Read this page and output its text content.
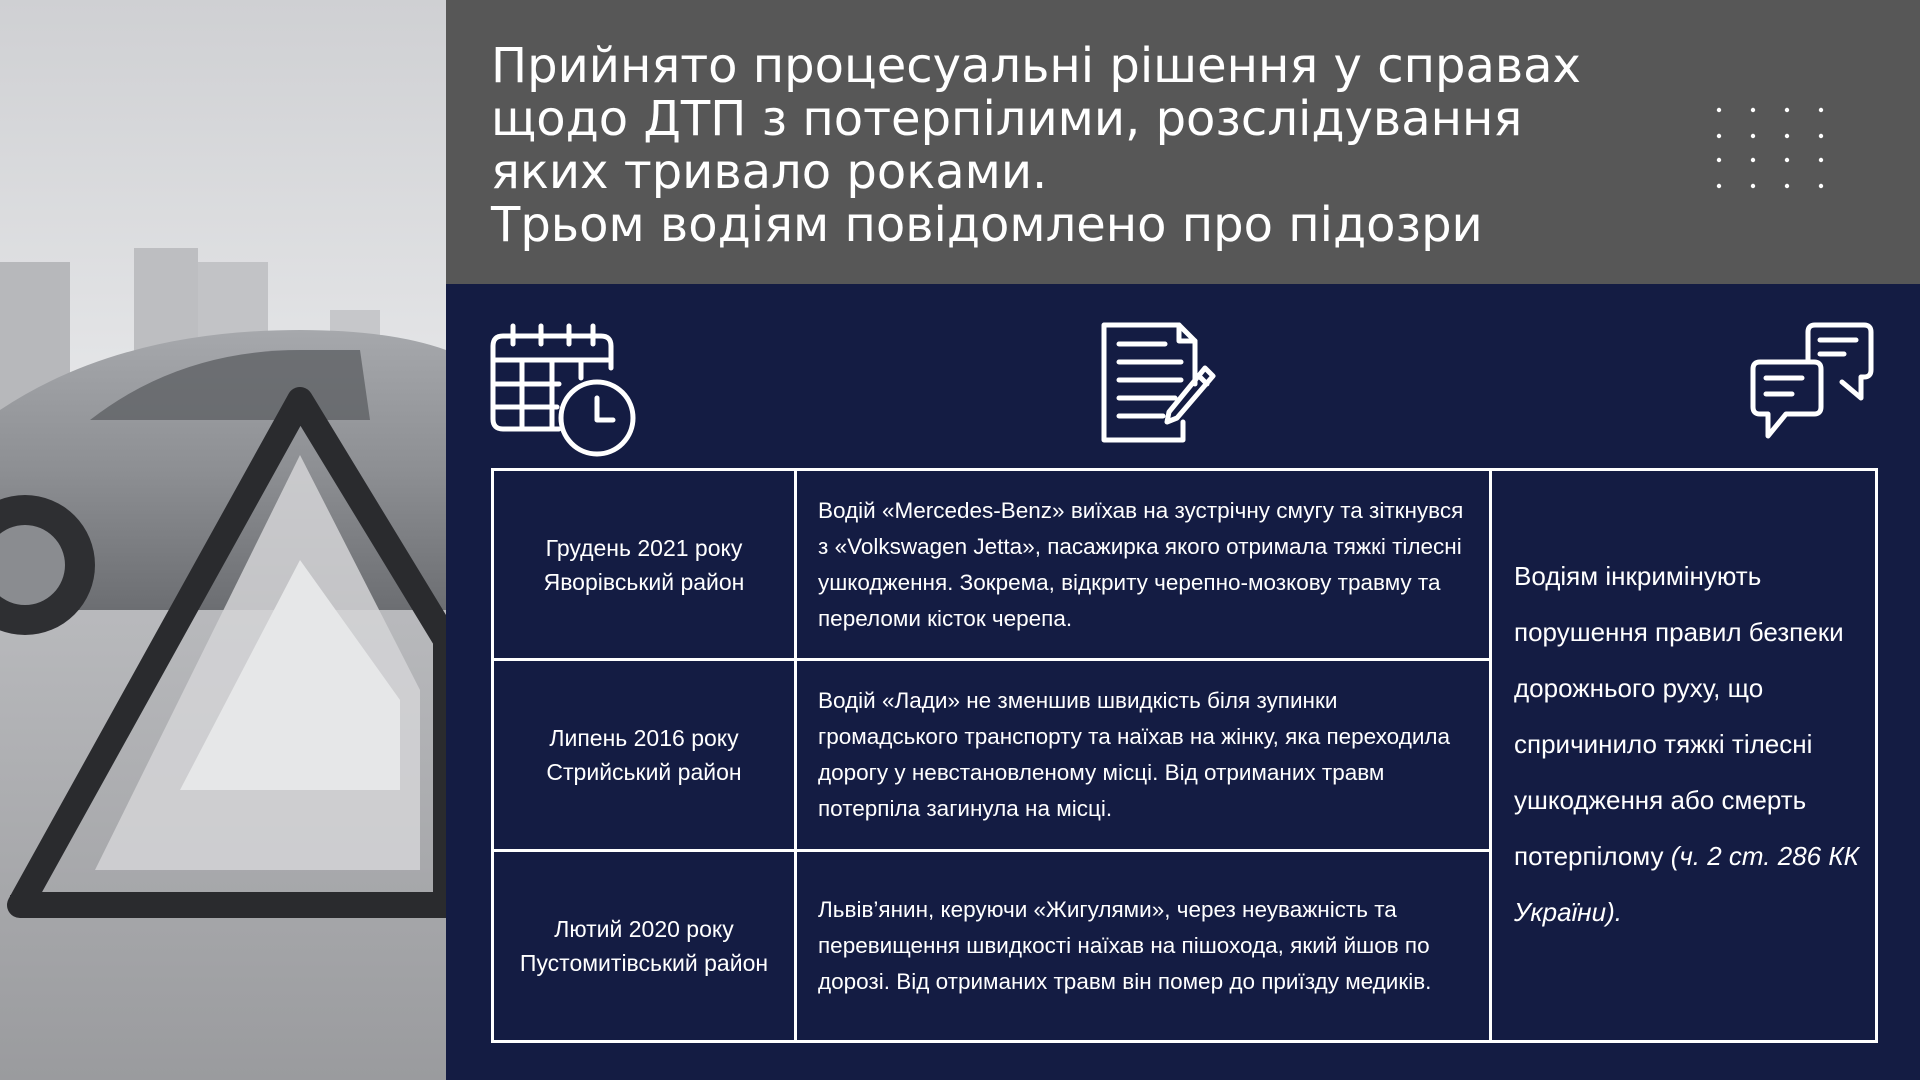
Прийнято процесуальні рішення у справах
щодо ДТП з потерпілими, розслідування
яких тривало роками.
Трьом водіям повідомлено про підозри
Грудень 2021 року
Яворівський район
Липень 2016 року
Стрийський район
Лютий 2020 року
Пустомитівський район
Водій «Mercedes-Benz» виїхав на зустрічну смугу та зіткнувся з «Volkswagen Jetta», пасажирка якого отримала тяжкі тілесні ушкодження. Зокрема, відкриту черепно-мозкову травму та переломи кісток черепа.
Водій «Лади» не зменшив швидкість біля зупинки громадського транспорту та наїхав на жінку, яка переходила дорогу у невстановленому місці. Від отриманих травм потерпіла загинула на місці.
Львів’янин, керуючи «Жигулями», через неуважність та перевищення швидкості наїхав на пішохода, який йшов по дорозі. Від отриманих травм він помер до приїзду медиків.
Водіям інкримінують порушення правил безпеки дорожнього руху, що спричинило тяжкі тілесні ушкодження або смерть потерпілому (ч. 2 ст. 286 КК України).
